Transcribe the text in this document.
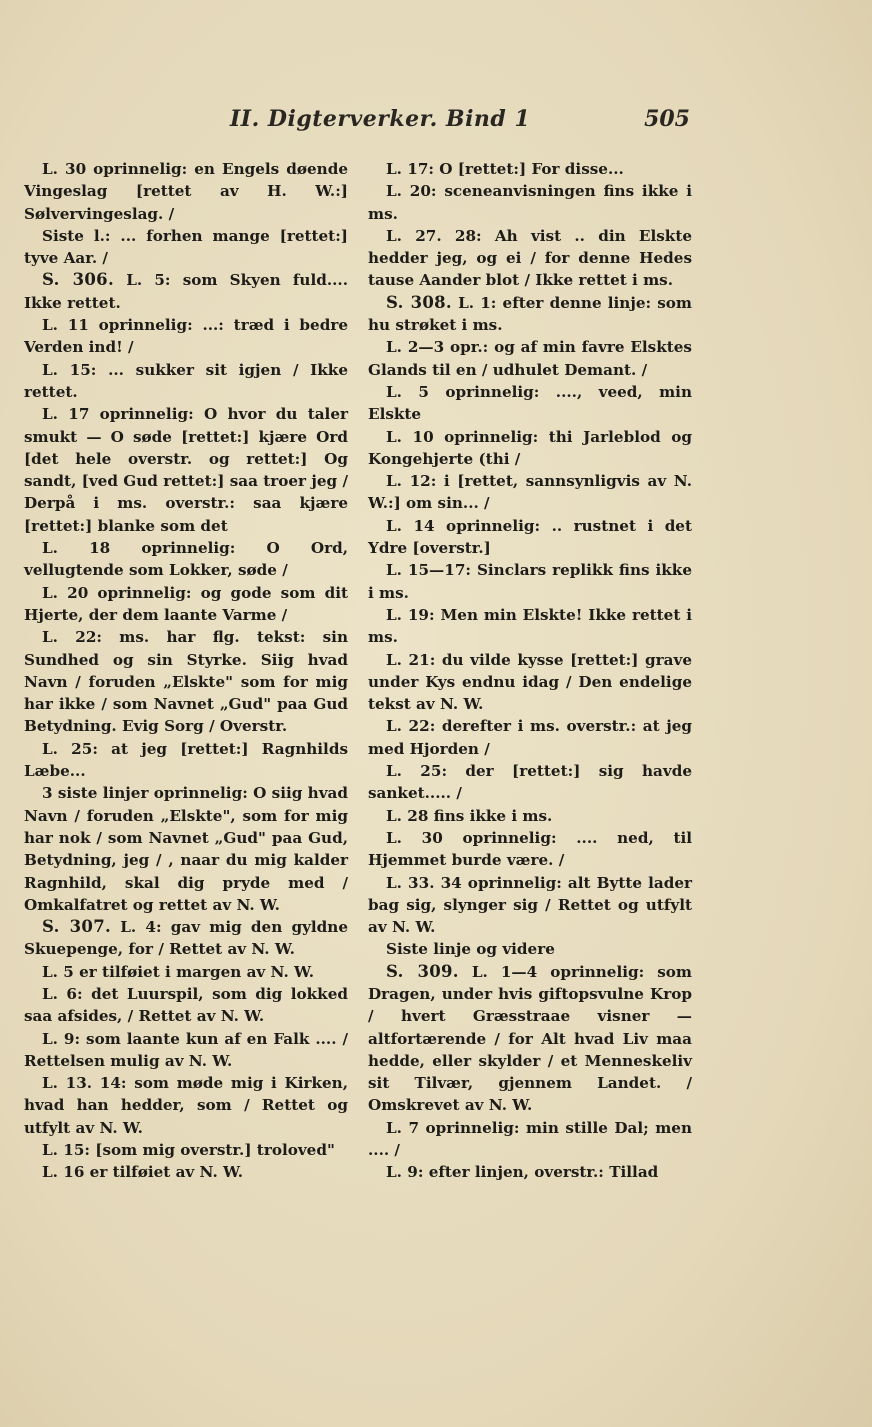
II. Digterverker. Bind 1	505

L. 30 oprinnelig: en Engels døende Vingeslag [rettet av H. W.:] Sølvervingeslag. /

Siste l.: ... forhen mange [rettet:] tyve Aar. /

S. 306. L. 5: som Skyen fuld.... Ikke rettet.

L. 11 oprinnelig: ...: træd i bedre Verden ind! /

L. 15: ... sukker sit igjen / Ikke rettet.

L. 17 oprinnelig: O hvor du taler smukt — O søde [rettet:] kjære Ord [det hele overstr. og rettet:] Og sandt, [ved Gud rettet:] saa troer jeg / Derpå i ms. overstr.: saa kjære [rettet:] blanke som det

L. 18 oprinnelig: O Ord, vellugtende som Lokker, søde /

L. 20 oprinnelig: og gode som dit Hjerte, der dem laante Varme /

L. 22: ms. har flg. tekst: sin Sundhed og sin Styrke. Siig hvad Navn / foruden „Elskte" som for mig har ikke / som Navnet „Gud" paa Gud Betydning. Evig Sorg / Overstr.

L. 25: at jeg [rettet:] Ragnhilds Læbe...

3 siste linjer oprinnelig: O siig hvad Navn / foruden „Elskte", som for mig har nok / som Navnet „Gud" paa Gud, Betydning, jeg / , naar du mig kalder Ragnhild, skal dig pryde med / Omkalfatret og rettet av N. W.

S. 307. L. 4: gav mig den gyldne Skuepenge, for / Rettet av N. W.

L. 5 er tilføiet i margen av N. W.

L. 6: det Luurspil, som dig lokked saa afsides, / Rettet av N. W.

L. 9: som laante kun af en Falk .... / Rettelsen mulig av N. W.

L. 13. 14: som møde mig i Kirken, hvad han hedder, som / Rettet og utfylt av N. W.

L. 15: [som mig overstr.] troloved"

L. 16 er tilføiet av N. W.

L. 17: O [rettet:] For disse...

L. 20: sceneanvisningen fins ikke i ms.

L. 27. 28: Ah vist .. din Elskte hedder jeg, og ei / for denne Hedes tause Aander blot / Ikke rettet i ms.

S. 308. L. 1: efter denne linje: som hu strøket i ms.

L. 2—3 opr.: og af min favre Elsktes Glands til en / udhulet Demant. /

L. 5 oprinnelig: ...., veed, min Elskte

L. 10 oprinnelig: thi Jarleblod og Kongehjerte (thi /

L. 12: i [rettet, sannsynligvis av N. W.:] om sin... /

L. 14 oprinnelig: .. rustnet i det Ydre [overstr.]

L. 15—17: Sinclars replikk fins ikke i ms.

L. 19: Men min Elskte! Ikke rettet i ms.

L. 21: du vilde kysse [rettet:] grave under Kys endnu idag / Den endelige tekst av N. W.

L. 22: derefter i ms. overstr.: at jeg med Hjorden /

L. 25: der [rettet:] sig havde sanket..... /

L. 28 fins ikke i ms.

L. 30 oprinnelig: .... ned, til Hjemmet burde være. /

L. 33. 34 oprinnelig: alt Bytte lader bag sig, slynger sig / Rettet og utfylt av N. W.

Siste linje og videre

S. 309. L. 1—4 oprinnelig: som Dragen, under hvis giftopsvulne Krop / hvert Græsstraae visner — altfortærende / for Alt hvad Liv maa hedde, eller skylder / et Menneskeliv sit Tilvær, gjennem Landet. / Omskrevet av N. W.

L. 7 oprinnelig: min stille Dal; men .... /

L. 9: efter linjen, overstr.: Tillad
